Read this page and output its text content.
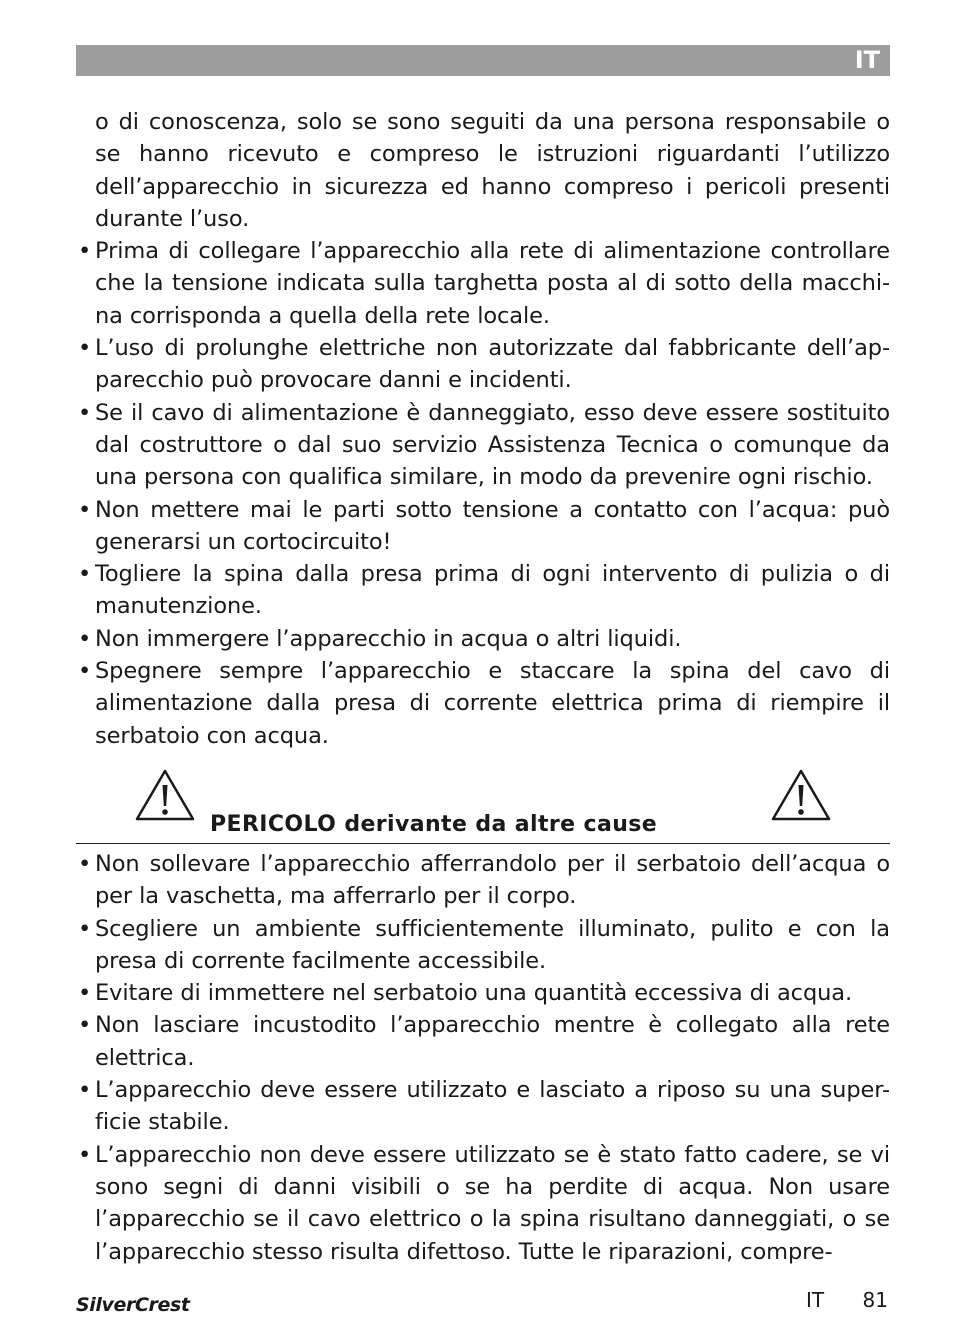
IT
o di conoscenza, solo se sono seguiti da una persona responsabile o se hanno ricevuto e compreso le istruzioni riguardanti l’utilizzo dell’apparecchio in sicurezza ed hanno compreso i pericoli presenti durante l’uso.
• Prima di collegare l’apparecchio alla rete di alimentazione controllare che la tensione indicata sulla targhetta posta al di sotto della macchi-na corrisponda a quella della rete locale.
• L’uso di prolunghe elettriche non autorizzate dal fabbricante dell’ap-parecchio può provocare danni e incidenti.
• Se il cavo di alimentazione è danneggiato, esso deve essere sostituito dal costruttore o dal suo servizio Assistenza Tecnica o comunque da una persona con qualifica similare, in modo da prevenire ogni rischio.
• Non mettere mai le parti sotto tensione a contatto con l’acqua: può generarsi un cortocircuito!
• Togliere la spina dalla presa prima di ogni intervento di pulizia o di manutenzione.
• Non immergere l’apparecchio in acqua o altri liquidi.
• Spegnere sempre l’apparecchio e staccare la spina del cavo di alimentazione dalla presa di corrente elettrica prima di riempire il serbatoio con acqua.
PERICOLO derivante da altre cause
• Non sollevare l’apparecchio afferrandolo per il serbatoio dell’acqua o per la vaschetta, ma afferrarlo per il corpo.
• Scegliere un ambiente sufficientemente illuminato, pulito e con la presa di corrente facilmente accessibile.
• Evitare di immettere nel serbatoio una quantità eccessiva di acqua.
• Non lasciare incustodito l’apparecchio mentre è collegato alla rete elettrica.
• L’apparecchio deve essere utilizzato e lasciato a riposo su una super-ficie stabile.
• L’apparecchio non deve essere utilizzato se è stato fatto cadere, se vi sono segni di danni visibili o se ha perdite di acqua. Non usare l’apparecchio se il cavo elettrico o la spina risultano danneggiati, o se l’apparecchio stesso risulta difettoso. Tutte le riparazioni, compre-
SilverCrest	IT 81
